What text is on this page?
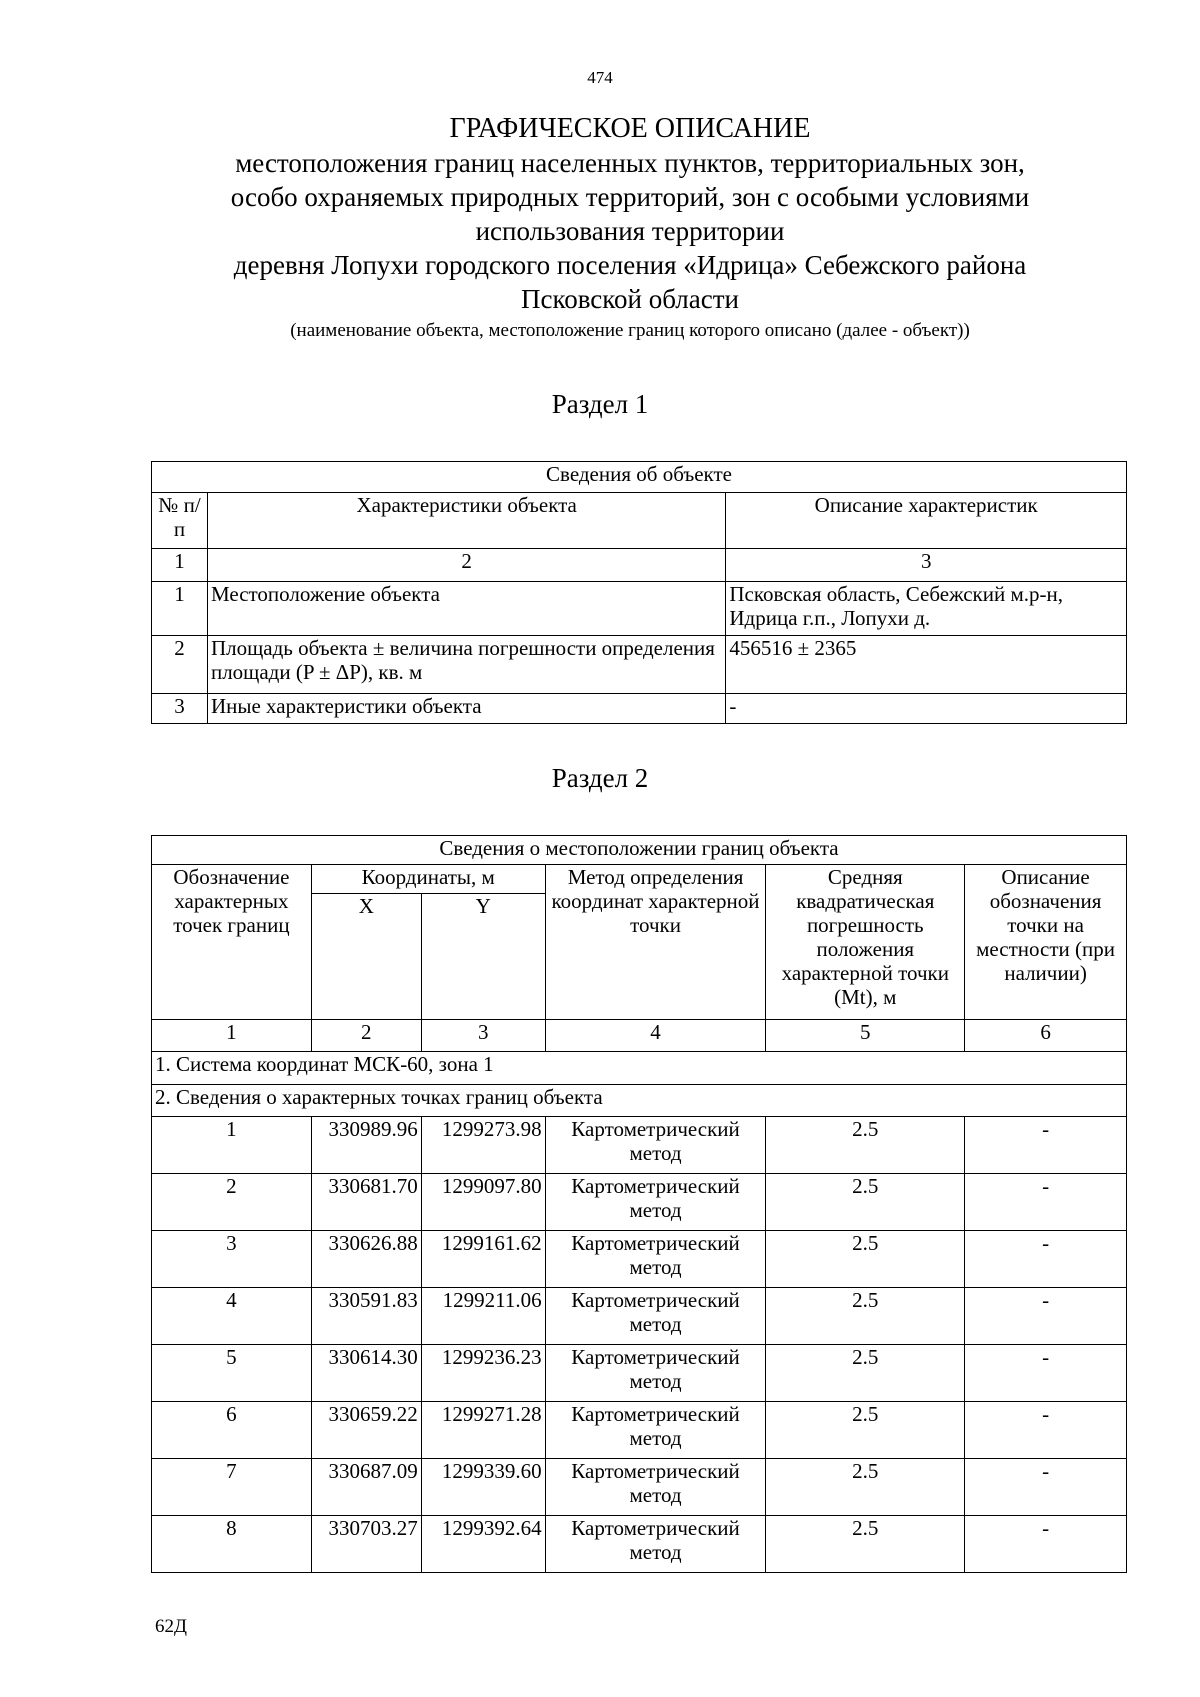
474
ГРАФИЧЕСКОЕ ОПИСАНИЕ
местоположения границ населенных пунктов, территориальных зон,
особо охраняемых природных территорий, зон с особыми условиями
использования территории
деревня Лопухи городского поселения «Идрица» Себежского района
Псковской области
(наименование объекта, местоположение границ которого описано (далее - объект))
Раздел 1
Сведения об объекте		
№ п/п	Характеристики объекта	Описание характеристик
1	2	3
1	Местоположение объекта	Псковская область, Себежский м.р-н, Идрица г.п., Лопухи д.
2	Площадь объекта ± величина погрешности определения площади (P ± ΔP), кв. м	456516 ± 2365
3	Иные характеристики объекта	-
Раздел 2
Сведения о местоположении границ объекта					
Обозначение характерных точек границ	Координаты, м		Метод определения координат характерной точки	Средняя квадратическая погрешность положения характерной точки (Mt), м	Описание обозначения точки на местности (при наличии)
	X	Y			
1	2	3	4	5	6
1. Система координат МСК-60, зона 1					
2. Сведения о характерных точках границ объекта					
1	330989.96	1299273.98	Картометрический метод	2.5	-
2	330681.70	1299097.80	Картометрический метод	2.5	-
3	330626.88	1299161.62	Картометрический метод	2.5	-
4	330591.83	1299211.06	Картометрический метод	2.5	-
5	330614.30	1299236.23	Картометрический метод	2.5	-
6	330659.22	1299271.28	Картометрический метод	2.5	-
7	330687.09	1299339.60	Картометрический метод	2.5	-
8	330703.27	1299392.64	Картометрический метод	2.5	-
62Д
